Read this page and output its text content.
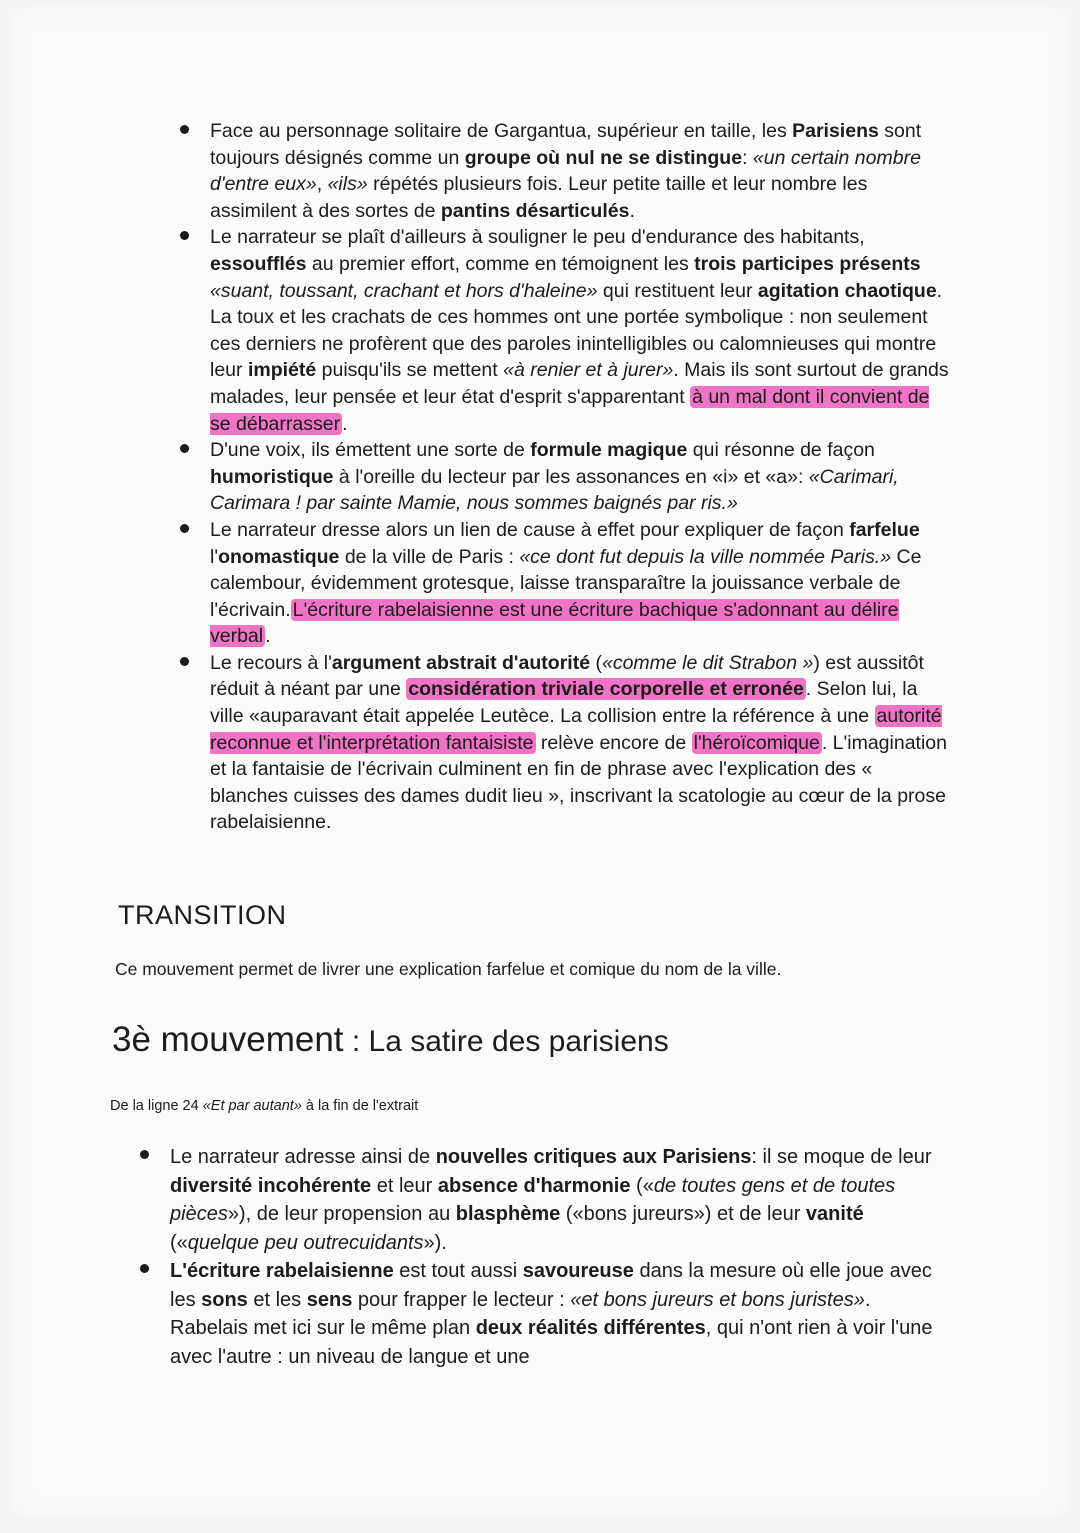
Face au personnage solitaire de Gargantua, supérieur en taille, les Parisiens sont toujours désignés comme un groupe où nul ne se distingue: «un certain nombre d'entre eux», «ils» répétés plusieurs fois. Leur petite taille et leur nombre les assimilent à des sortes de pantins désarticulés.
Le narrateur se plaît d'ailleurs à souligner le peu d'endurance des habitants, essoufflés au premier effort, comme en témoignent les trois participes présents «suant, toussant, crachant et hors d'haleine» qui restituent leur agitation chaotique. La toux et les crachats de ces hommes ont une portée symbolique : non seulement ces derniers ne profèrent que des paroles inintelligibles ou calomnieuses qui montre leur impiété puisqu'ils se mettent «à renier et à jurer». Mais ils sont surtout de grands malades, leur pensée et leur état d'esprit s'apparentant à un mal dont il convient de se débarrasser .
D'une voix, ils émettent une sorte de formule magique qui résonne de façon humoristique à l'oreille du lecteur par les assonances en «i» et «a»: «Carimari, Carimara ! par sainte Mamie, nous sommes baignés par ris.»
Le narrateur dresse alors un lien de cause à effet pour expliquer de façon farfelue l'onomastique de la ville de Paris : «ce dont fut depuis la ville nommée Paris.» Ce calembour, évidemment grotesque, laisse transparaître la jouissance verbale de l'écrivain. L'écriture rabelaisienne est une écriture bachique s'adonnant au délire verbal .
Le recours à l'argument abstrait d'autorité («comme le dit Strabon ») est aussitôt réduit à néant par une considération triviale corporelle et erronée . Selon lui, la ville «auparavant était appelée Leutèce. La collision entre la référence à une autorité reconnue et l'interprétation fantaisiste relève encore de l'héroïcomique . L'imagination et la fantaisie de l'écrivain culminent en fin de phrase avec l'explication des « blanches cuisses des dames dudit lieu », inscrivant la scatologie au cœur de la prose rabelaisienne.
TRANSITION

Ce mouvement permet de livrer une explication farfelue et comique du nom de la ville.

3è mouvement : La satire des parisiens

De la ligne 24 «Et par autant» à la fin de l'extrait

Le narrateur adresse ainsi de nouvelles critiques aux Parisiens: il se moque de leur diversité incohérente et leur absence d'harmonie («de toutes gens et de toutes pièces»), de leur propension au blasphème («bons jureurs») et de leur vanité («quelque peu outrecuidants»).
L'écriture rabelaisienne est tout aussi savoureuse dans la mesure où elle joue avec les sons et les sens pour frapper le lecteur : «et bons jureurs et bons juristes». Rabelais met ici sur le même plan deux réalités différentes, qui n'ont rien à voir l'une avec l'autre : un niveau de langue et une
